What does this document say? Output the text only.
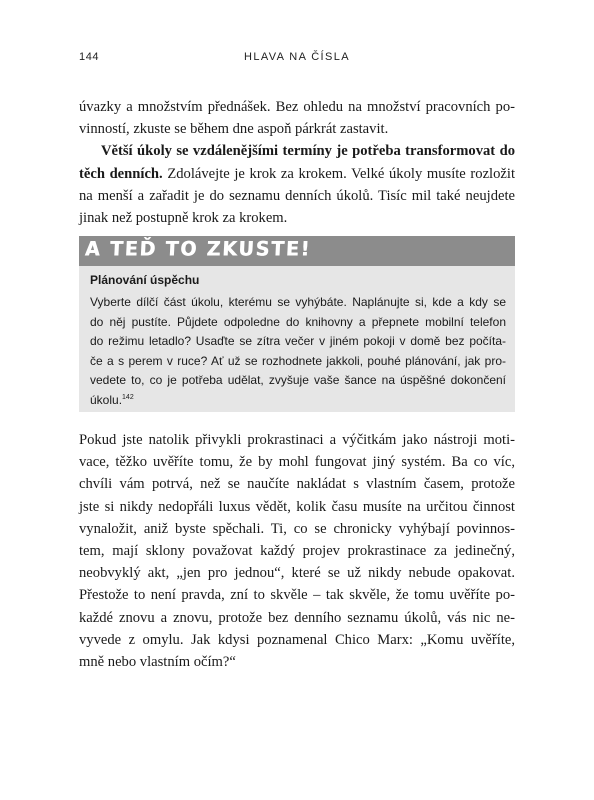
144	HLAVA NA ČÍSLA

úvazky a množstvím přednášek. Bez ohledu na množství pracovních po-
vinností, zkuste se během dne aspoň párkrát zastavit.

Větší úkoly se vzdálenějšími termíny je potřeba transformovat do
těch denních. Zdolávejte je krok za krokem. Velké úkoly musíte rozložit
na menší a zařadit je do seznamu denních úkolů. Tisíc mil také neujdete
jinak než postupně krok za krokem.

A TEĎ TO ZKUSTE!
Plánování úspěchu
Vyberte dílčí část úkolu, kterému se vyhýbáte. Naplánujte si, kde a kdy se
do něj pustíte. Půjdete odpoledne do knihovny a přepnete mobilní telefon
do režimu letadlo? Usaďte se zítra večer v jiném pokoji v domě bez počíta-
če a s perem v ruce? Ať už se rozhodnete jakkoli, pouhé plánování, jak pro-
vedete to, co je potřeba udělat, zvyšuje vaše šance na úspěšné dokončení
úkolu.$^{142}$

Pokud jste natolik přivykli prokrastinaci a výčitkám jako nástroji moti-
vace, těžko uvěříte tomu, že by mohl fungovat jiný systém. Ba co víc,
chvíli vám potrvá, než se naučíte nakládat s vlastním časem, protože
jste si nikdy nedopřáli luxus vědět, kolik času musíte na určitou činnost
vynaložit, aniž byste spěchali. Ti, co se chronicky vyhýbají povinnos-
tem, mají sklony považovat každý projev prokrastinace za jedinečný,
neobvyklý akt, „jen pro jednou“, které se už nikdy nebude opakovat.
Přestože to není pravda, zní to skvěle – tak skvěle, že tomu uvěříte po-
každé znovu a znovu, protože bez denního seznamu úkolů, vás nic ne-
vyvede z omylu. Jak kdysi poznamenal Chico Marx: „Komu uvěříte,
mně nebo vlastním očím?“
